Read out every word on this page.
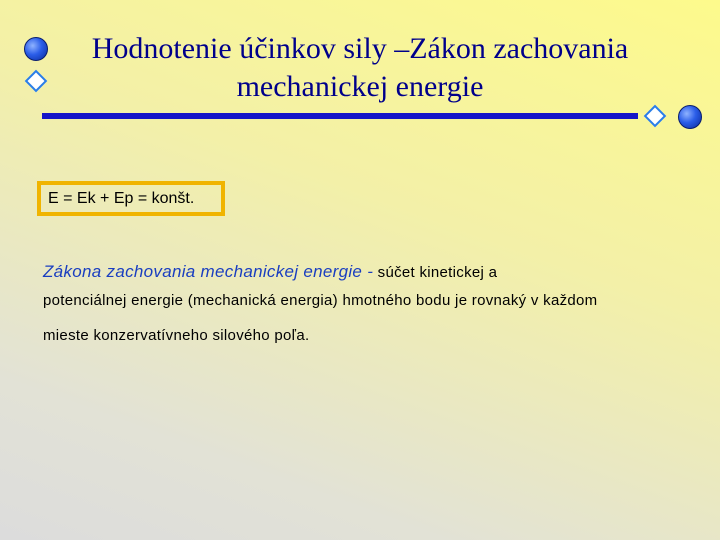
Hodnotenie účinkov sily –Zákon zachovania
mechanickej energie
E = Ek + Ep = konšt.
Zákona zachovania mechanickej energie - súčet kinetickej a
potenciálnej energie (mechanická energia) hmotného bodu je rovnaký v každom
mieste konzervatívneho silového poľa.
